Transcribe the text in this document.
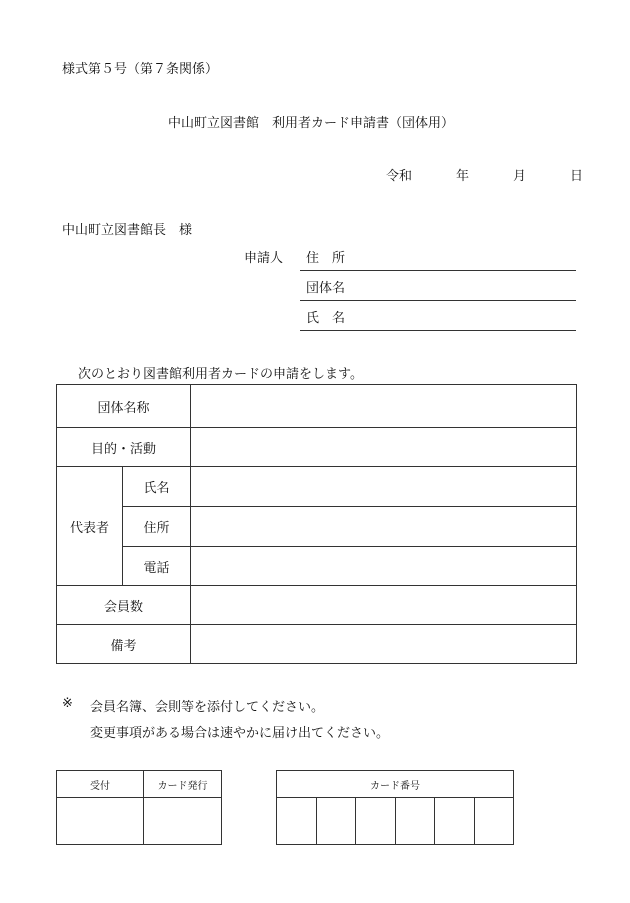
様式第５号（第７条関係）
中山町立図書館　利用者カード申請書（団体用）
令和	年	月	日
中山町立図書館長　様
申請人 住　所
団体名
氏　名
次のとおり図書館利用者カードの申請をします。
団体名称		
目的・活動		
代表者	氏名	
	住所	
	電話	
会員数		
備考		
※ 会員名簿、会則等を添付してください。
変更事項がある場合は速やかに届け出てください。
受付	カード発行
		カード番号
